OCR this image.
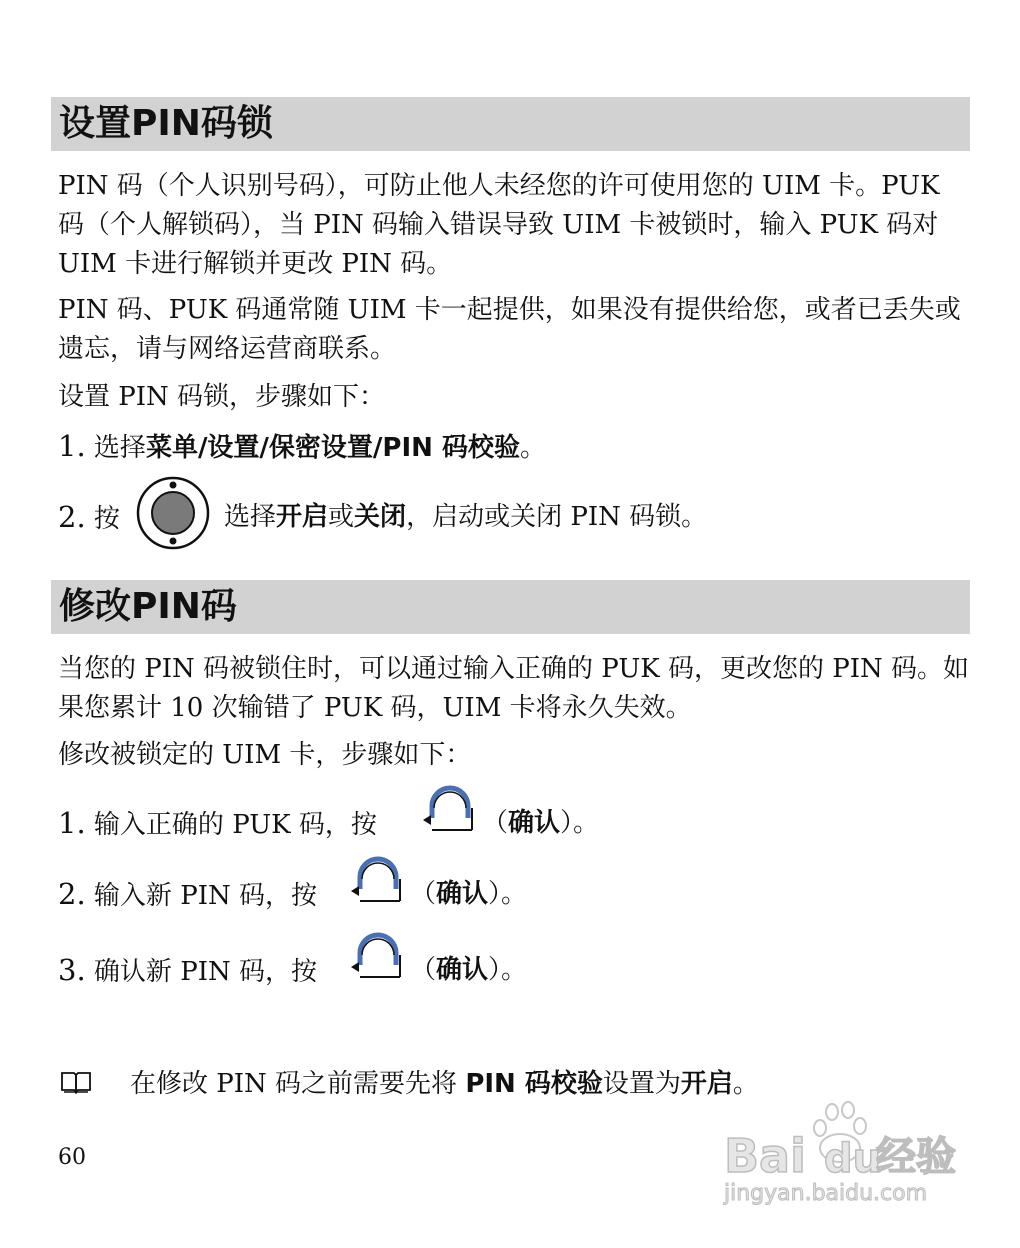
设置PIN码锁
PIN 码（个人识别号码），可防止他人未经您的许可使用您的 UIM 卡。PUK 码（个人解锁码），当 PIN 码输入错误导致 UIM 卡被锁时，输入 PUK 码对 UIM 卡进行解锁并更改 PIN 码。
PIN 码、PUK 码通常随 UIM 卡一起提供，如果没有提供给您，或者已丢失或遗忘，请与网络运营商联系。
设置 PIN 码锁，步骤如下：
1. 选择菜单/设置/保密设置/PIN 码校验。
2. 按	选择开启或关闭，启动或关闭 PIN 码锁。
修改PIN码
当您的 PIN 码被锁住时，可以通过输入正确的 PUK 码，更改您的 PIN 码。如果您累计 10 次输错了 PUK 码，UIM 卡将永久失效。
修改被锁定的 UIM 卡，步骤如下：
1. 输入正确的 PUK 码，按	（确认）。
2. 输入新 PIN 码，按	（确认）。
3. 确认新 PIN 码，按	（确认）。
在修改 PIN 码之前需要先将 PIN 码校验设置为开启。
60	Bai du
经验
jingyan.baidu.com
